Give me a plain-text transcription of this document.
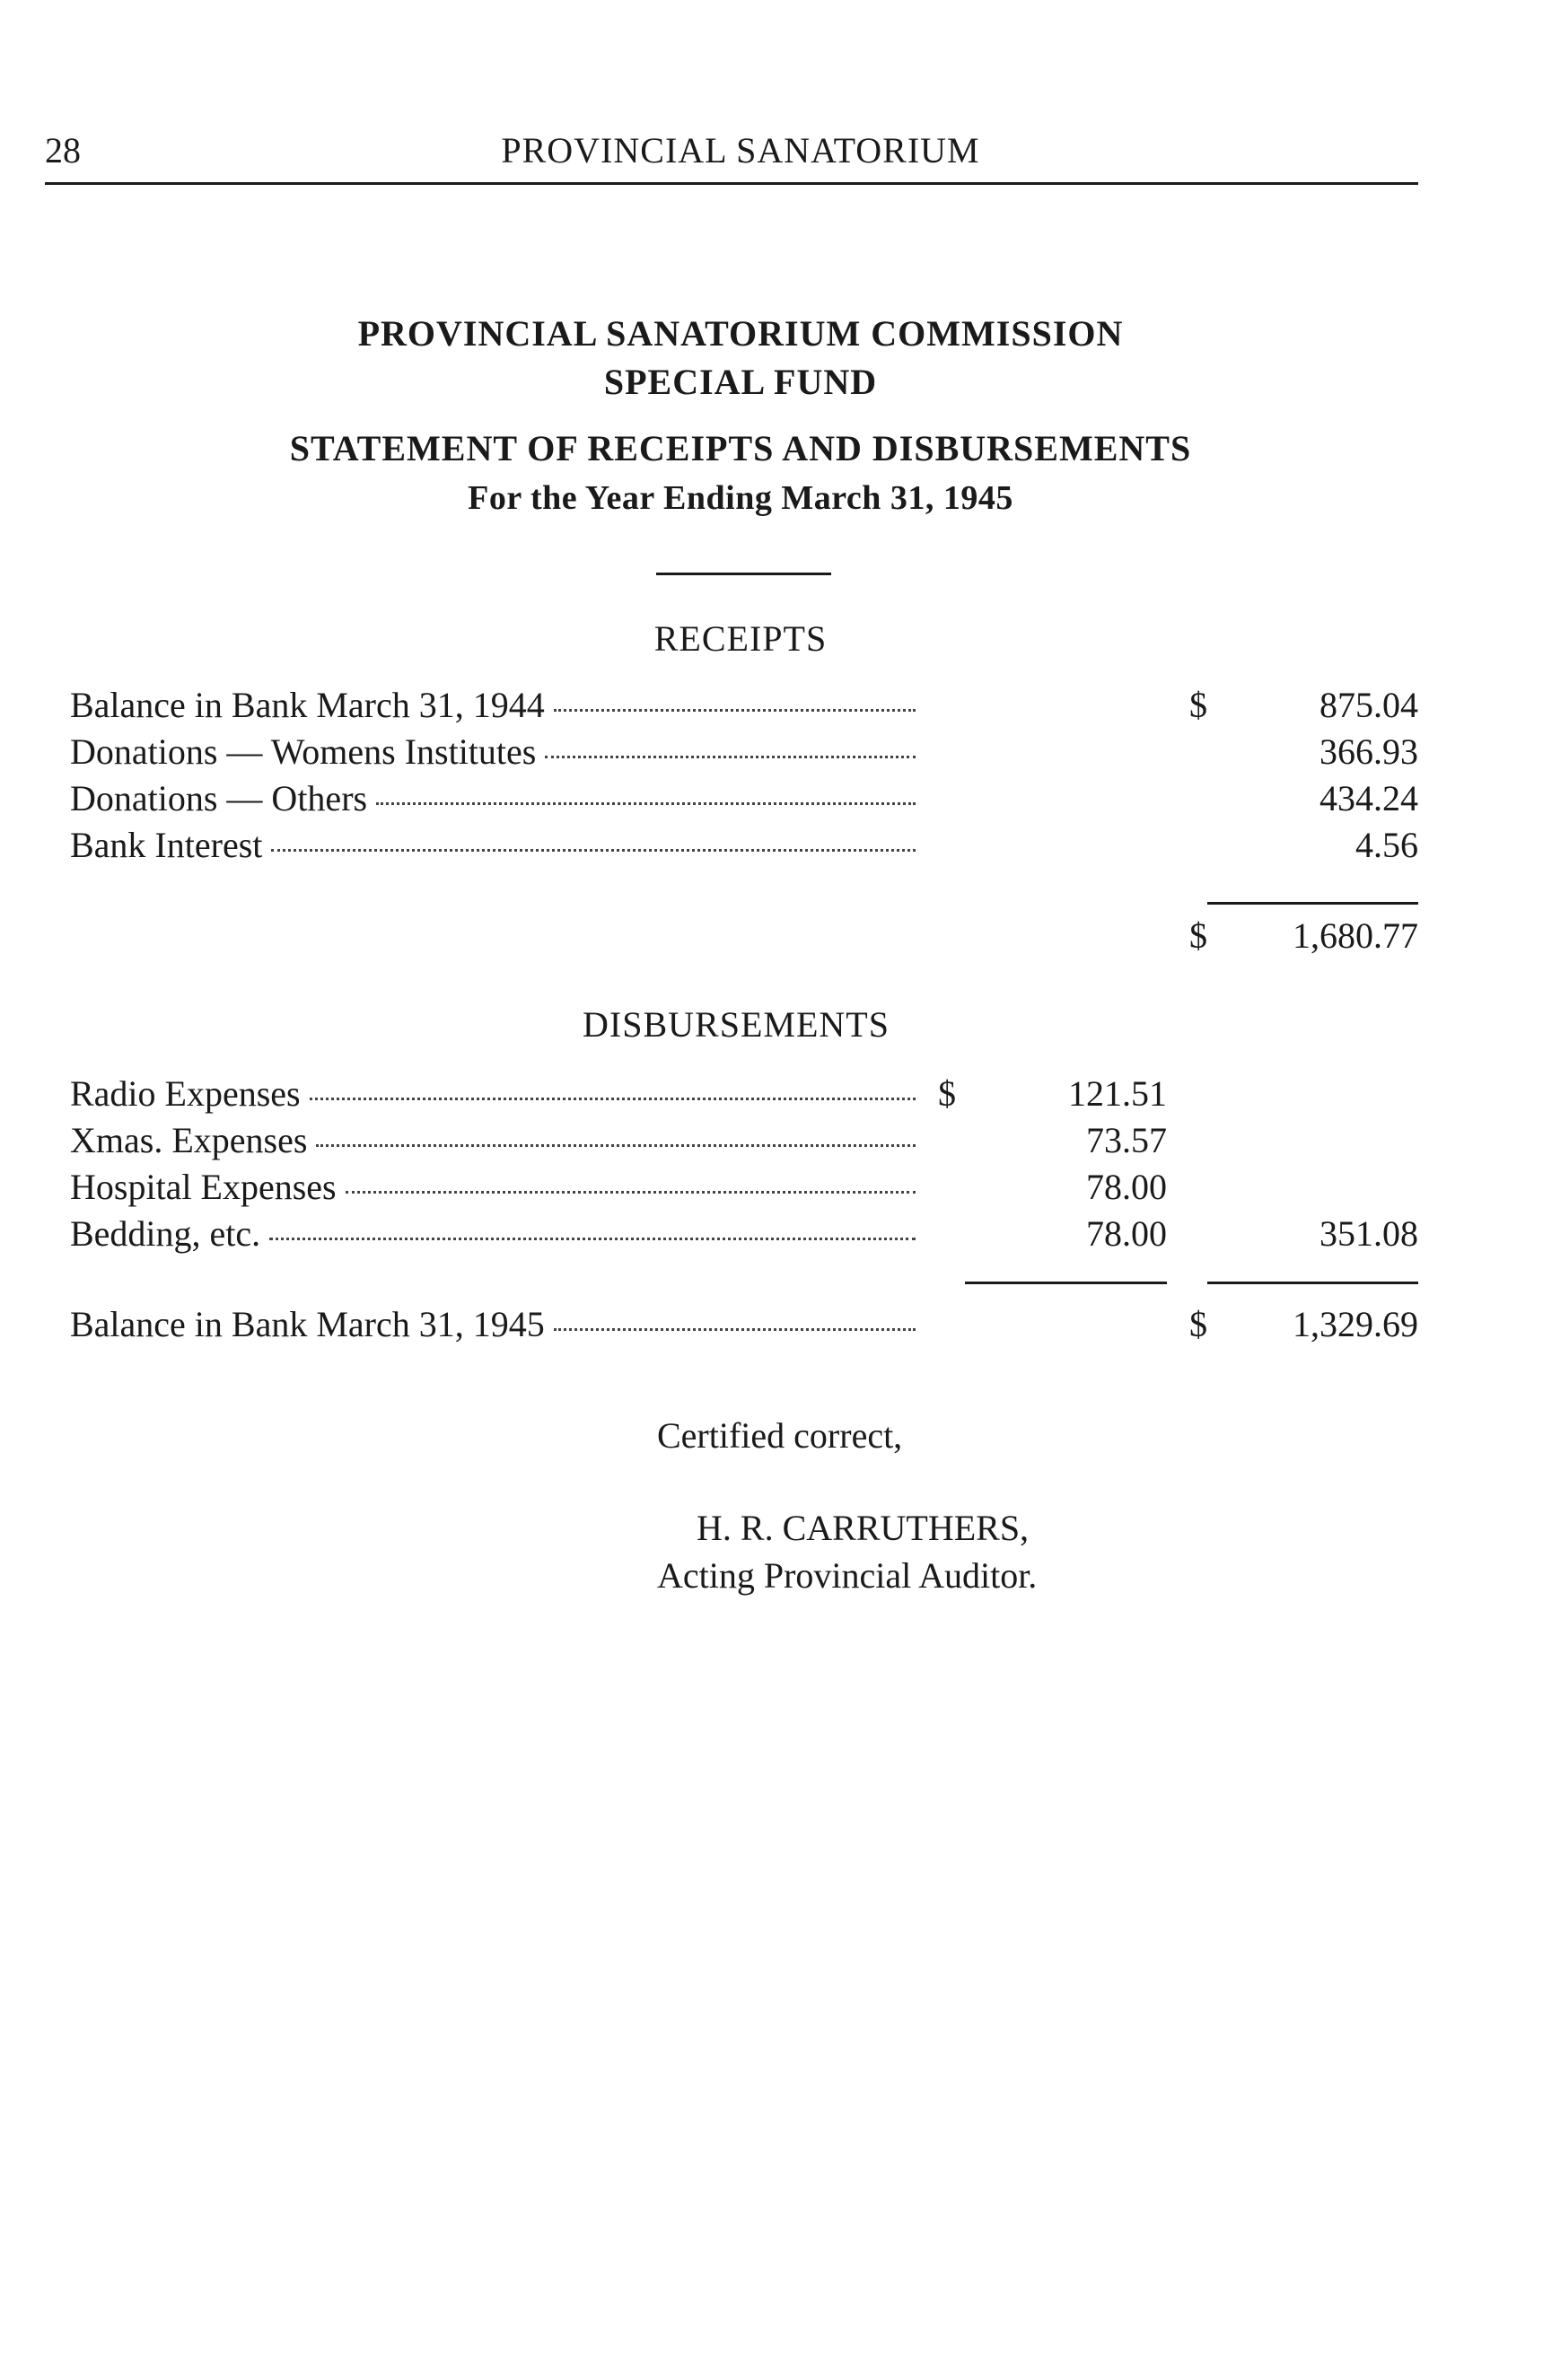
28	PROVINCIAL SANATORIUM
PROVINCIAL SANATORIUM COMMISSION
SPECIAL FUND
STATEMENT OF RECEIPTS AND DISBURSEMENTS
For the Year Ending March 31, 1945
RECEIPTS
Balance in Bank March 31, 1944	$	875.04
Donations — Womens Institutes	366.93
Donations — Others	434.24
Bank Interest	4.56
$	1,680.77
DISBURSEMENTS
Radio Expenses	$	121.51
Xmas. Expenses	73.57
Hospital Expenses	78.00
Bedding, etc.	78.00	351.08
Balance in Bank March 31, 1945	$	1,329.69
Certified correct,
H. R. CARRUTHERS,
Acting Provincial Auditor.
